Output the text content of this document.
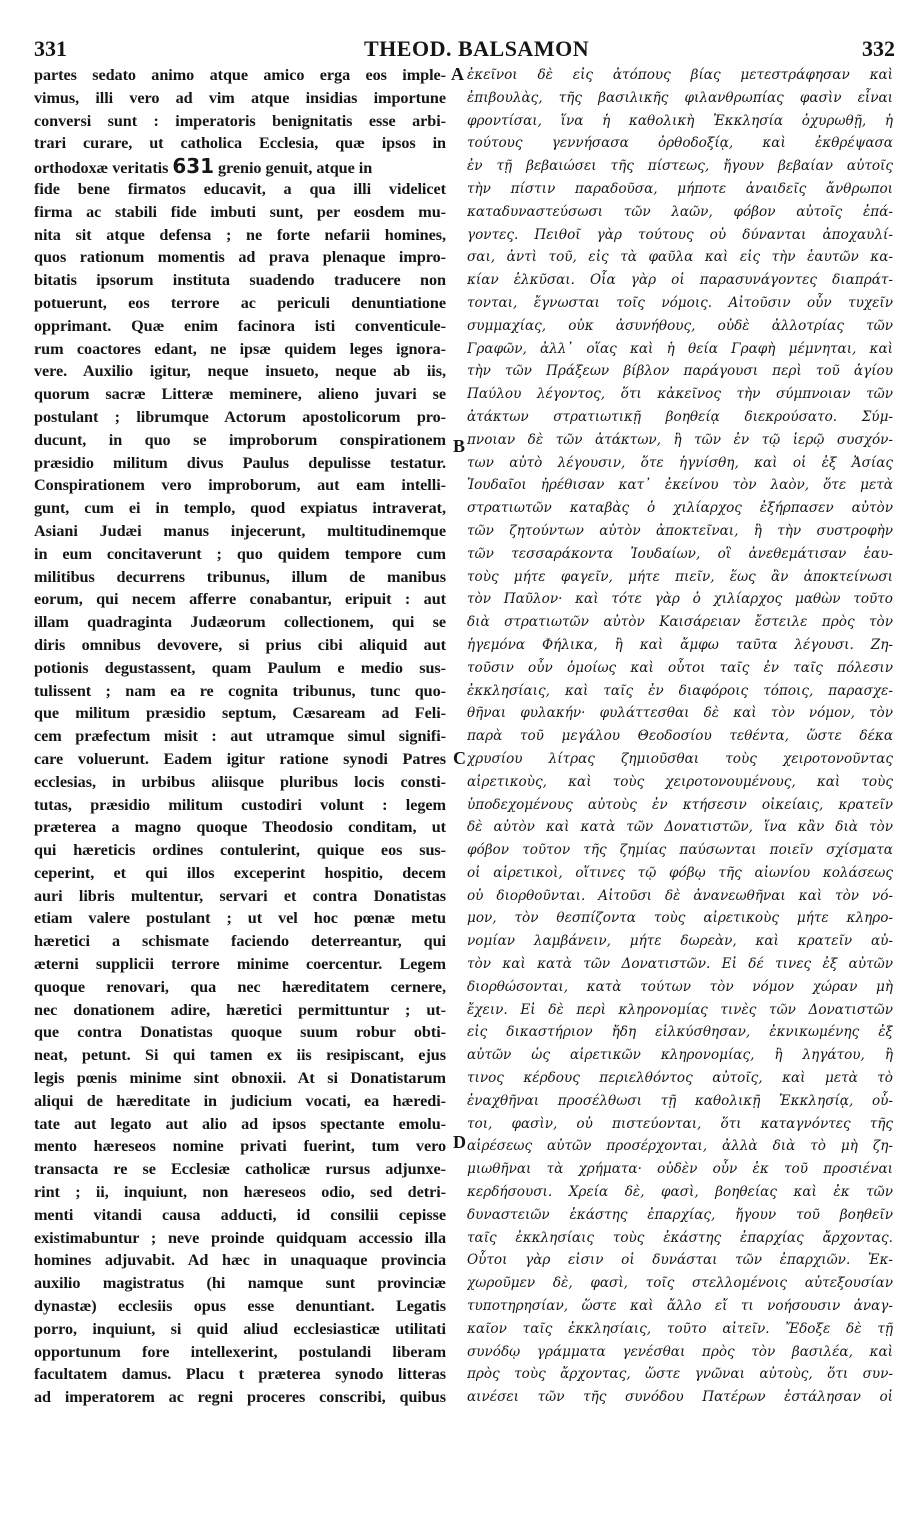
331	THEOD. BALSAMON	332
A
B
C
D
partes sedato animo atque amico erga eos imple-
vimus, illi vero ad vim atque insidias importune
conversi sunt : imperatoris benignitatis esse arbi-
trari curare, ut catholica Ecclesia, quæ ipsos in
orthodoxæ veritatis 631 grenio genuit, atque in
fide bene firmatos educavit, a qua illi videlicet
firma ac stabili fide imbuti sunt, per eosdem mu-
nita sit atque defensa ; ne forte nefarii homines,
quos rationum momentis ad prava plenaque impro-
bitatis ipsorum instituta suadendo traducere non
potuerunt, eos terrore ac periculi denuntiatione
opprimant. Quæ enim facinora isti conventicule-
rum coactores edant, ne ipsæ quidem leges ignora-
vere. Auxilio igitur, neque insueto, neque ab iis,
quorum sacræ Litteræ meminere, alieno juvari se
postulant ; librumque Actorum apostolicorum pro-
ducunt, in quo se improborum conspirationem
præsidio militum divus Paulus depulisse testatur.
Conspirationem vero improborum, aut eam intelli-
gunt, cum ei in templo, quod expiatus intraverat,
Asiani Judæi manus injecerunt, multitudinemque
in eum concitaverunt ; quo quidem tempore cum
militibus decurrens tribunus, illum de manibus
eorum, qui necem afferre conabantur, eripuit : aut
illam quadraginta Judæorum collectionem, qui se
diris omnibus devovere, si prius cibi aliquid aut
potionis degustassent, quam Paulum e medio sus-
tulissent ; nam ea re cognita tribunus, tunc quo-
que militum præsidio septum, Cæsaream ad Feli-
cem præfectum misit : aut utramque simul signifi-
care voluerunt. Eadem igitur ratione synodi Patres
ecclesias, in urbibus aliisque pluribus locis consti-
tutas, præsidio militum custodiri volunt : legem
præterea a magno quoque Theodosio conditam, ut
qui hæreticis ordines contulerint, quique eos sus-
ceperint, et qui illos exceperint hospitio, decem
auri libris multentur, servari et contra Donatistas
etiam valere postulant ; ut vel hoc pœnæ metu
hæretici a schismate faciendo deterreantur, qui
æterni supplicii terrore minime coercentur. Legem
quoque renovari, qua nec hæreditatem cernere,
nec donationem adire, hæretici permittuntur ; ut-
que contra Donatistas quoque suum robur obti-
neat, petunt. Si qui tamen ex iis resipiscant, ejus
legis pœnis minime sint obnoxii. At si Donatistarum
aliqui de hæreditate in judicium vocati, ea hæredi-
tate aut legato aut alio ad ipsos spectante emolu-
mento hæreseos nomine privati fuerint, tum vero
transacta re se Ecclesiæ catholicæ rursus adjunxe-
rint ; ii, inquiunt, non hæreseos odio, sed detri-
menti vitandi causa adducti, id consilii cepisse
existimabuntur ; neve proinde quidquam accessio illa
homines adjuvabit. Ad hæc in unaquaque provincia
auxilio magistratus (hi namque sunt provinciæ
dynastæ) ecclesiis opus esse denuntiant. Legatis
porro, inquiunt, si quid aliud ecclesiasticæ utilitati
opportunum fore intellexerint, postulandi liberam
facultatem damus. Placu t præterea synodo litteras
ad imperatorem ac regni proceres conscribi, quibus
ἐκεῖνοι δὲ εἰς ἀτόπους βίας μετεστράφησαν καὶ
ἐπιβουλὰς, τῆς βασιλικῆς φιλανθρωπίας φασὶν εἶναι
φροντίσαι, ἵνα ἡ καθολικὴ Ἐκκλησία ὀχυρωθῇ, ἡ
τούτους γεννήσασα ὀρθοδοξίᾳ, καὶ ἐκθρέψασα
ἐν τῇ βεβαιώσει τῆς πίστεως, ἤγουν βεβαίαν αὐτοῖς
τὴν πίστιν παραδοῦσα, μήποτε ἀναιδεῖς ἄνθρωποι
καταδυναστεύσωσι τῶν λαῶν, φόβον αὐτοῖς ἐπά-
γοντες. Πειθοῖ γὰρ τούτους οὐ δύνανται ἀποχαυλί-
σαι, ἀντὶ τοῦ, εἰς τὰ φαῦλα καὶ εἰς τὴν ἑαυτῶν κα-
κίαν ἑλκῦσαι. Οἷα γὰρ οἱ παρασυνάγοντες διαπράτ-
τονται, ἔγνωσται τοῖς νόμοις. Αἰτοῦσιν οὖν τυχεῖν
συμμαχίας, οὐκ ἀσυνήθους, οὐδὲ ἀλλοτρίας τῶν
Γραφῶν, ἀλλ᾿ οἵας καὶ ἡ θεία Γραφὴ μέμνηται, καὶ
τὴν τῶν Πράξεων βίβλον παράγουσι περὶ τοῦ ἁγίου
Παύλου λέγοντος, ὅτι κἀκεῖνος τὴν σύμπνοιαν τῶν
ἀτάκτων στρατιωτικῇ βοηθείᾳ διεκρούσατο. Σύμ-
πνοιαν δὲ τῶν ἀτάκτων, ἢ τῶν ἐν τῷ ἱερῷ συσχόν-
των αὐτὸ λέγουσιν, ὅτε ἡγνίσθη, καὶ οἱ ἐξ Ἀσίας
Ἰουδαῖοι ἠρέθισαν κατ᾿ ἐκείνου τὸν λαὸν, ὅτε μετὰ
στρατιωτῶν καταβὰς ὁ χιλίαρχος ἐξήρπασεν αὐτὸν
τῶν ζητούντων αὐτὸν ἀποκτεῖναι, ἢ τὴν συστροφὴν
τῶν τεσσαράκοντα Ἰουδαίων, οἳ ἀνεθεμάτισαν ἑαυ-
τοὺς μήτε φαγεῖν, μήτε πιεῖν, ἕως ἂν ἀποκτείνωσι
τὸν Παῦλον· καὶ τότε γὰρ ὁ χιλίαρχος μαθὼν τοῦτο
διὰ στρατιωτῶν αὐτὸν Καισάρειαν ἔστειλε πρὸς τὸν
ἡγεμόνα Φήλικα, ἢ καὶ ἄμφω ταῦτα λέγουσι. Ζη-
τοῦσιν οὖν ὁμοίως καὶ οὗτοι ταῖς ἐν ταῖς πόλεσιν
ἐκκλησίαις, καὶ ταῖς ἐν διαφόροις τόποις, παρασχε-
θῆναι φυλακήν· φυλάττεσθαι δὲ καὶ τὸν νόμον, τὸν
παρὰ τοῦ μεγάλου Θεοδοσίου τεθέντα, ὥστε δέκα
χρυσίου λίτρας ζημιοῦσθαι τοὺς χειροτονοῦντας
αἱρετικοὺς, καὶ τοὺς χειροτονουμένους, καὶ τοὺς
ὑποδεχομένους αὐτοὺς ἐν κτήσεσιν οἰκείαις, κρατεῖν
δὲ αὐτὸν καὶ κατὰ τῶν Δονατιστῶν, ἵνα κἂν διὰ τὸν
φόβον τοῦτον τῆς ζημίας παύσωνται ποιεῖν σχίσματα
οἱ αἱρετικοὶ, οἵτινες τῷ φόβῳ τῆς αἰωνίου κολάσεως
οὐ διορθοῦνται. Αἰτοῦσι δὲ ἀνανεωθῆναι καὶ τὸν νό-
μον, τὸν θεσπίζοντα τοὺς αἱρετικοὺς μήτε κληρο-
νομίαν λαμβάνειν, μήτε δωρεὰν, καὶ κρατεῖν αὐ-
τὸν καὶ κατὰ τῶν Δονατιστῶν. Εἰ δέ τινες ἐξ αὐτῶν
διορθώσονται, κατὰ τούτων τὸν νόμον χώραν μὴ
ἔχειν. Εἰ δὲ περὶ κληρονομίας τινὲς τῶν Δονατιστῶν
εἰς δικαστήριον ἤδη εἱλκύσθησαν, ἐκνικωμένης ἐξ
αὐτῶν ὡς αἱρετικῶν κληρονομίας, ἢ ληγάτου, ἢ
τινος κέρδους περιελθόντος αὐτοῖς, καὶ μετὰ τὸ
ἐναχθῆναι προσέλθωσι τῇ καθολικῇ Ἐκκλησίᾳ, οὗ-
τοι, φασὶν, οὐ πιστεύονται, ὅτι καταγνόντες τῆς
αἱρέσεως αὐτῶν προσέρχονται, ἀλλὰ διὰ τὸ μὴ ζη-
μιωθῆναι τὰ χρήματα· οὐδὲν οὖν ἐκ τοῦ προσιέναι
κερδήσουσι. Χρεία δὲ, φασὶ, βοηθείας καὶ ἐκ τῶν
δυναστειῶν ἑκάστης ἐπαρχίας, ἤγουν τοῦ βοηθεῖν
ταῖς ἐκκλησίαις τοὺς ἑκάστης ἐπαρχίας ἄρχοντας.
Οὗτοι γὰρ εἰσιν οἱ δυνάσται τῶν ἐπαρχιῶν. Ἐκ-
χωροῦμεν δὲ, φασὶ, τοῖς στελλομένοις αὐτεξουσίαν
τυποτηρησίαν, ὥστε καὶ ἄλλο εἴ τι νοήσουσιν ἀναγ-
καῖον ταῖς ἐκκλησίαις, τοῦτο αἰτεῖν. Ἔδοξε δὲ τῇ
συνόδῳ γράμματα γενέσθαι πρὸς τὸν βασιλέα, καὶ
πρὸς τοὺς ἄρχοντας, ὥστε γνῶναι αὐτοὺς, ὅτι συν-
αινέσει τῶν τῆς συνόδου Πατέρων ἐστάλησαν οἱ
